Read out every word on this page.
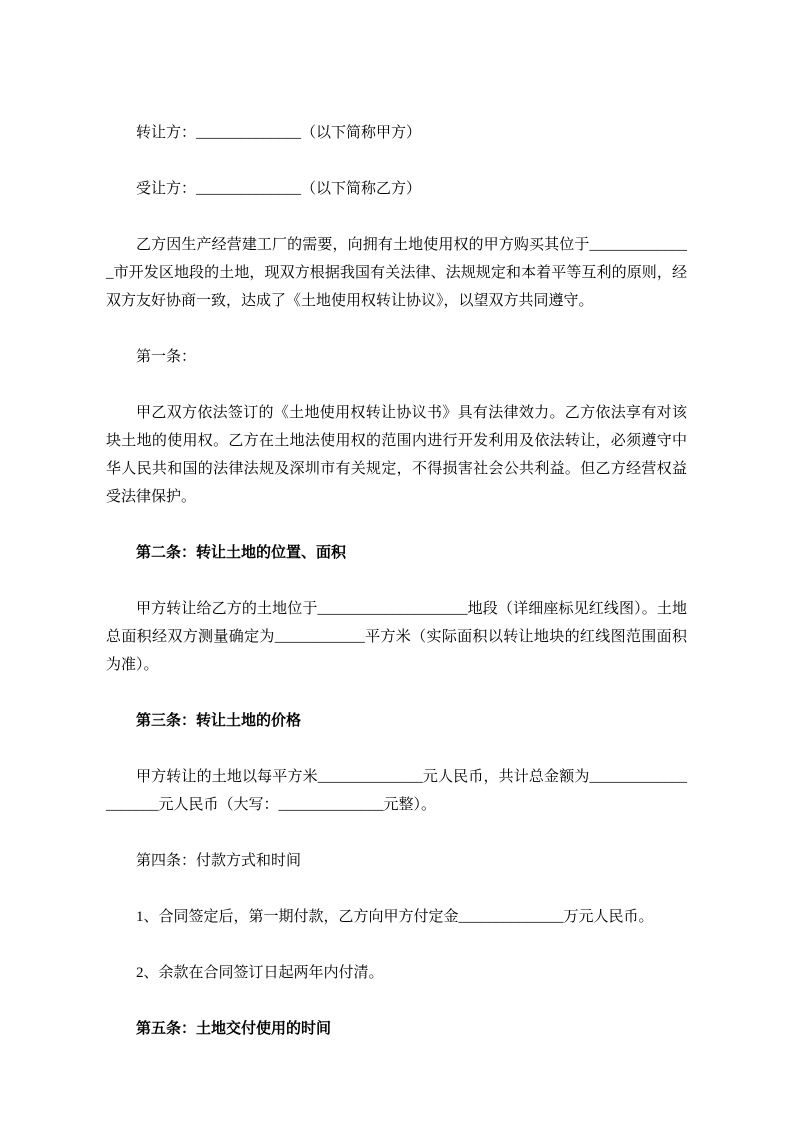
转让方：______________（以下简称甲方）

受让方：______________（以下简称乙方）

乙方因生产经营建工厂的需要，向拥有土地使用权的甲方购买其位于______________市开发区地段的土地，现双方根据我国有关法律、法规规定和本着平等互利的原则，经双方友好协商一致，达成了《土地使用权转让协议》，以望双方共同遵守。

第一条：

甲乙双方依法签订的《土地使用权转让协议书》具有法律效力。乙方依法享有对该块土地的使用权。乙方在土地法使用权的范围内进行开发利用及依法转让，必须遵守中华人民共和国的法律法规及深圳市有关规定，不得损害社会公共利益。但乙方经营权益受法律保护。

第二条：转让土地的位置、面积

甲方转让给乙方的土地位于____________________地段（详细座标见红线图）。土地总面积经双方测量确定为____________平方米（实际面积以转让地块的红线图范围面积为准）。

第三条：转让土地的价格

甲方转让的土地以每平方米______________元人民币，共计总金额为____________________元人民币（大写：______________元整）。

第四条：付款方式和时间

1、合同签定后，第一期付款，乙方向甲方付定金______________万元人民币。

2、余款在合同签订日起两年内付清。

第五条：土地交付使用的时间
